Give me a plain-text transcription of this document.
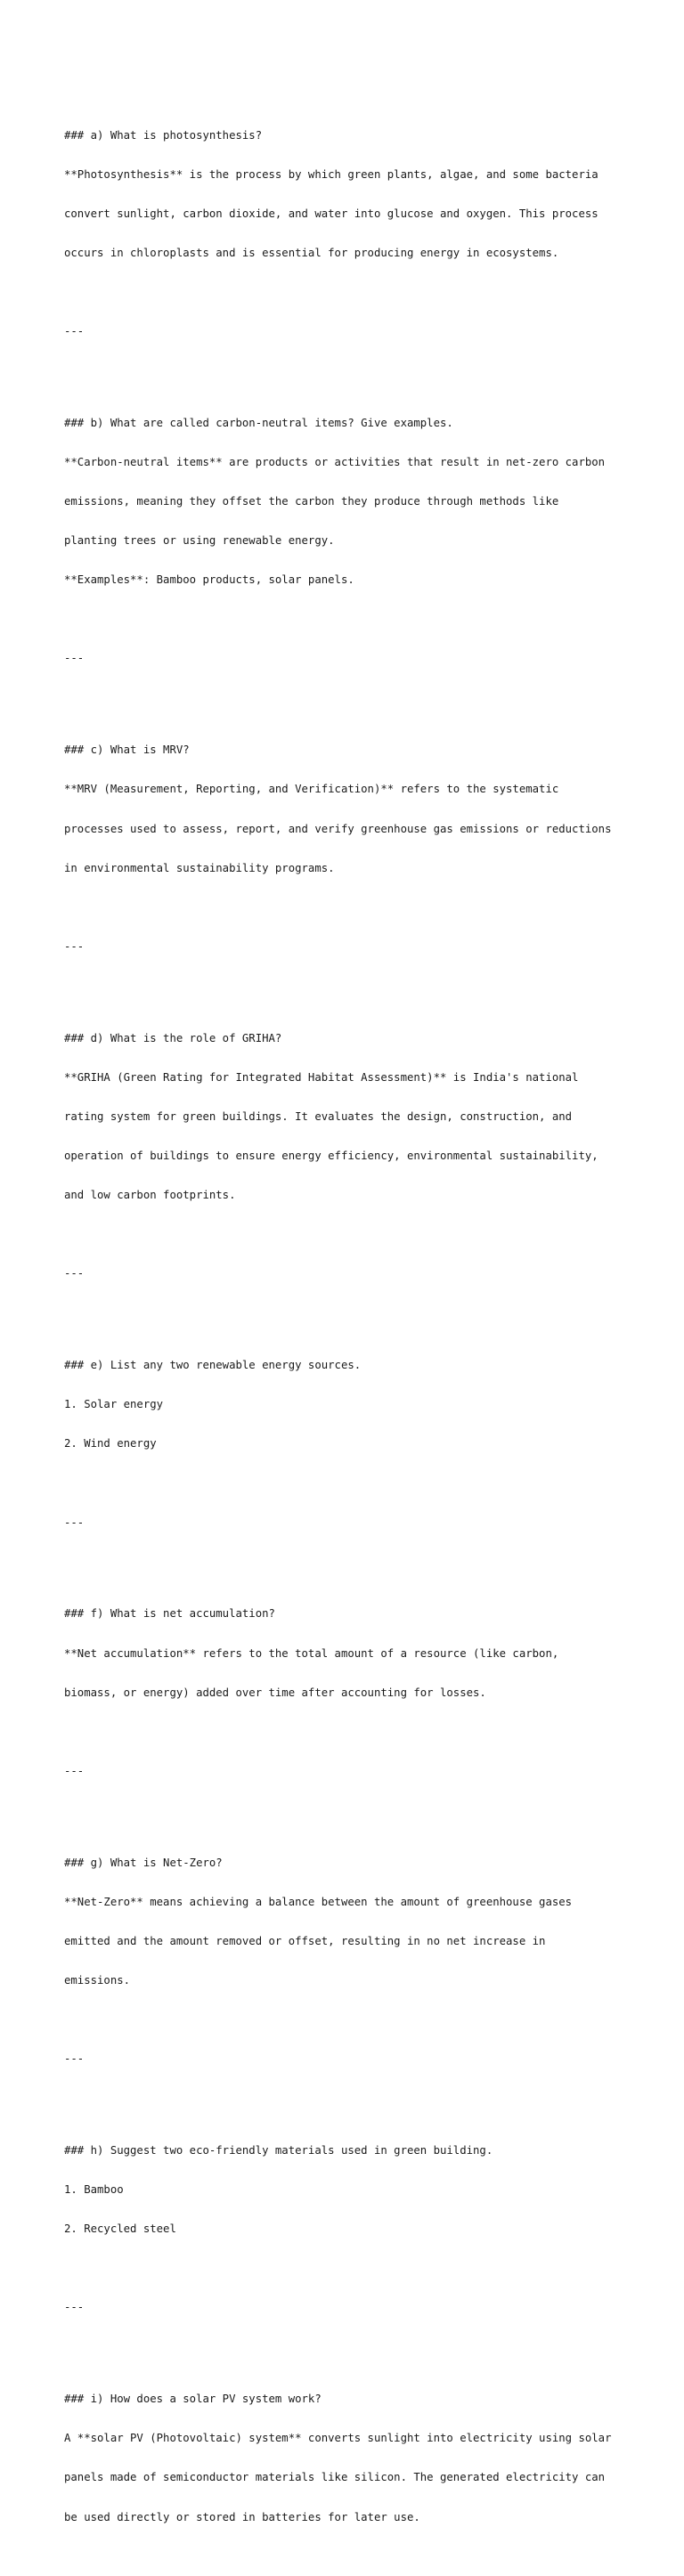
### a) What is photosynthesis?

**Photosynthesis** is the process by which green plants, algae, and some bacteria

convert sunlight, carbon dioxide, and water into glucose and oxygen. This process

occurs in chloroplasts and is essential for producing energy in ecosystems.

---

### b) What are called carbon-neutral items? Give examples.

**Carbon-neutral items** are products or activities that result in net-zero carbon

emissions, meaning they offset the carbon they produce through methods like

planting trees or using renewable energy.

**Examples**: Bamboo products, solar panels.

---

### c) What is MRV?

**MRV (Measurement, Reporting, and Verification)** refers to the systematic

processes used to assess, report, and verify greenhouse gas emissions or reductions

in environmental sustainability programs.

---

### d) What is the role of GRIHA?

**GRIHA (Green Rating for Integrated Habitat Assessment)** is India's national

rating system for green buildings. It evaluates the design, construction, and

operation of buildings to ensure energy efficiency, environmental sustainability,

and low carbon footprints.

---

### e) List any two renewable energy sources.

1. Solar energy

2. Wind energy

---

### f) What is net accumulation?

**Net accumulation** refers to the total amount of a resource (like carbon,

biomass, or energy) added over time after accounting for losses.

---

### g) What is Net-Zero?

**Net-Zero** means achieving a balance between the amount of greenhouse gases

emitted and the amount removed or offset, resulting in no net increase in

emissions.

---

### h) Suggest two eco-friendly materials used in green building.

1. Bamboo

2. Recycled steel

---

### i) How does a solar PV system work?

A **solar PV (Photovoltaic) system** converts sunlight into electricity using solar

panels made of semiconductor materials like silicon. The generated electricity can

be used directly or stored in batteries for later use.
